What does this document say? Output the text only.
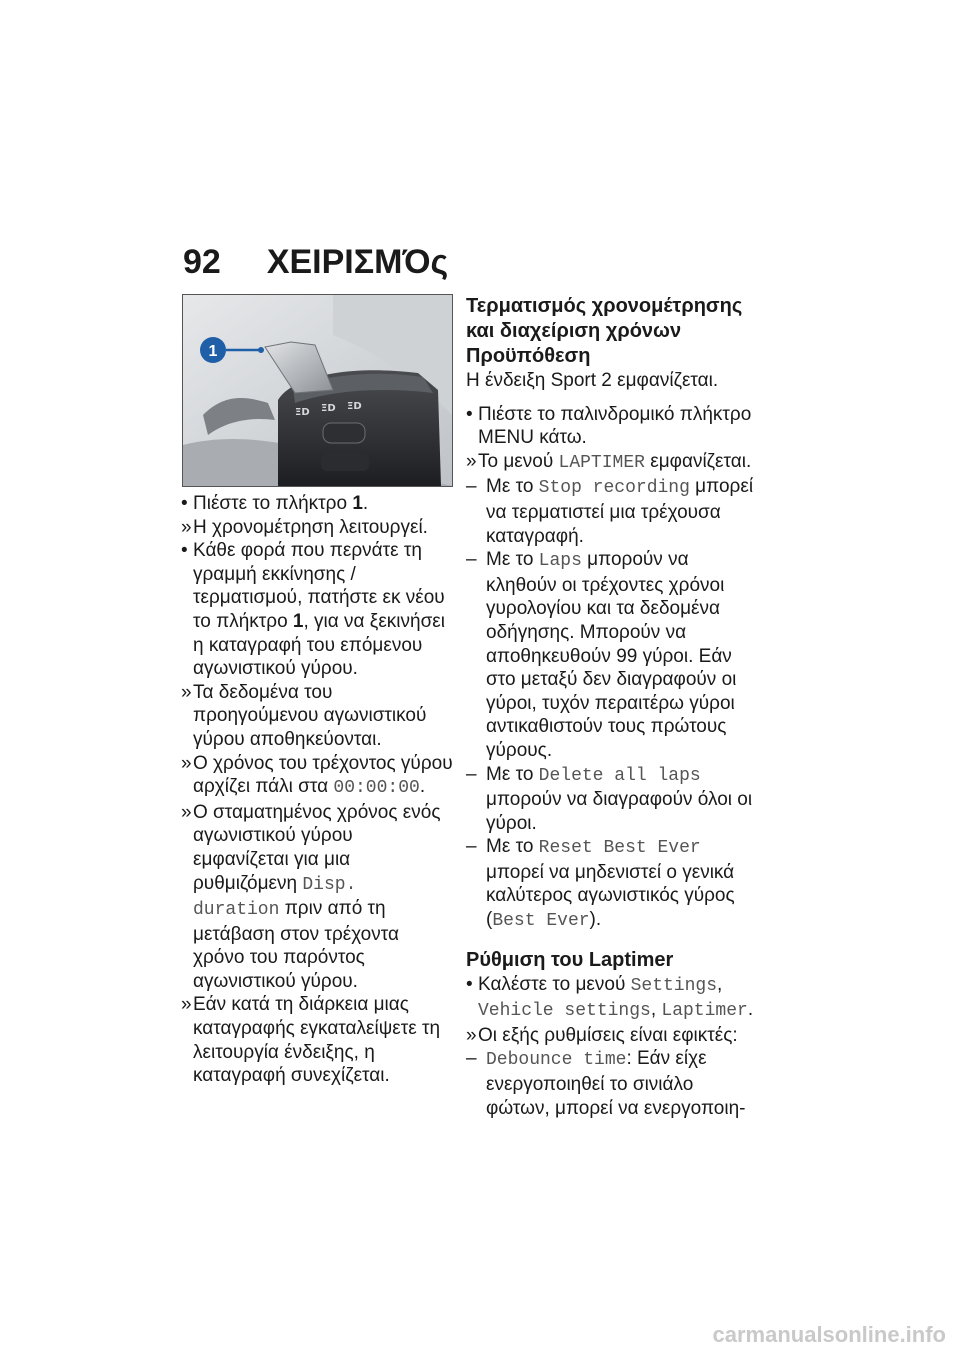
92 ΧΕΙΡΙΣΜΌς
ΞD ΞD ΞD
1
• Πιέστε το πλήκτρο 1.
» Η χρονομέτρηση λειτουργεί.
• Κάθε φορά που περνάτε τη γραμμή εκκίνησης / τερματισμού, πατήστε εκ νέου το πλήκτρο 1, για να ξεκινήσει η καταγραφή του επόμενου αγωνιστικού γύρου.
» Τα δεδομένα του προηγούμενου αγωνιστικού γύρου αποθηκεύονται.
» Ο χρόνος του τρέχοντος γύρου αρχίζει πάλι στα 00:00:00.
» Ο σταματημένος χρόνος ενός αγωνιστικού γύρου εμφανίζεται για μια ρυθμιζόμενη Disp. duration πριν από τη μετάβαση στον τρέχοντα χρόνο του παρόντος αγωνιστικού γύρου.
» Εάν κατά τη διάρκεια μιας καταγραφής εγκαταλείψετε τη λειτουργία ένδειξης, η καταγραφή συνεχίζεται.
Τερματισμός χρονομέτρησης και διαχείριση χρόνων
Προϋπόθεση
Η ένδειξη Sport 2 εμφανίζεται.
• Πιέστε το παλινδρομικό πλήκτρο MENU κάτω.
» Το μενού LAPTIMER εμφανίζεται.
– Με το Stop recording μπορεί να τερματιστεί μια τρέχουσα καταγραφή.
– Με το Laps μπορούν να κληθούν οι τρέχοντες χρόνοι γυρολογίου και τα δεδομένα οδήγησης. Μπορούν να αποθηκευθούν 99 γύροι. Εάν στο μεταξύ δεν διαγραφούν οι γύροι, τυχόν περαιτέρω γύροι αντικαθιστούν τους πρώτους γύρους.
– Με το Delete all laps μπορούν να διαγραφούν όλοι οι γύροι.
– Με το Reset Best Ever μπορεί να μηδενιστεί ο γενικά καλύτερος αγωνιστικός γύρος (Best Ever).
Ρύθμιση του Laptimer
• Καλέστε το μενού Settings, Vehicle settings, Laptimer.
» Οι εξής ρυθμίσεις είναι εφικτές:
– Debounce time: Εάν είχε ενεργοποιηθεί το σινιάλο φώτων, μπορεί να ενεργοποιη-
carmanualsonline.info
